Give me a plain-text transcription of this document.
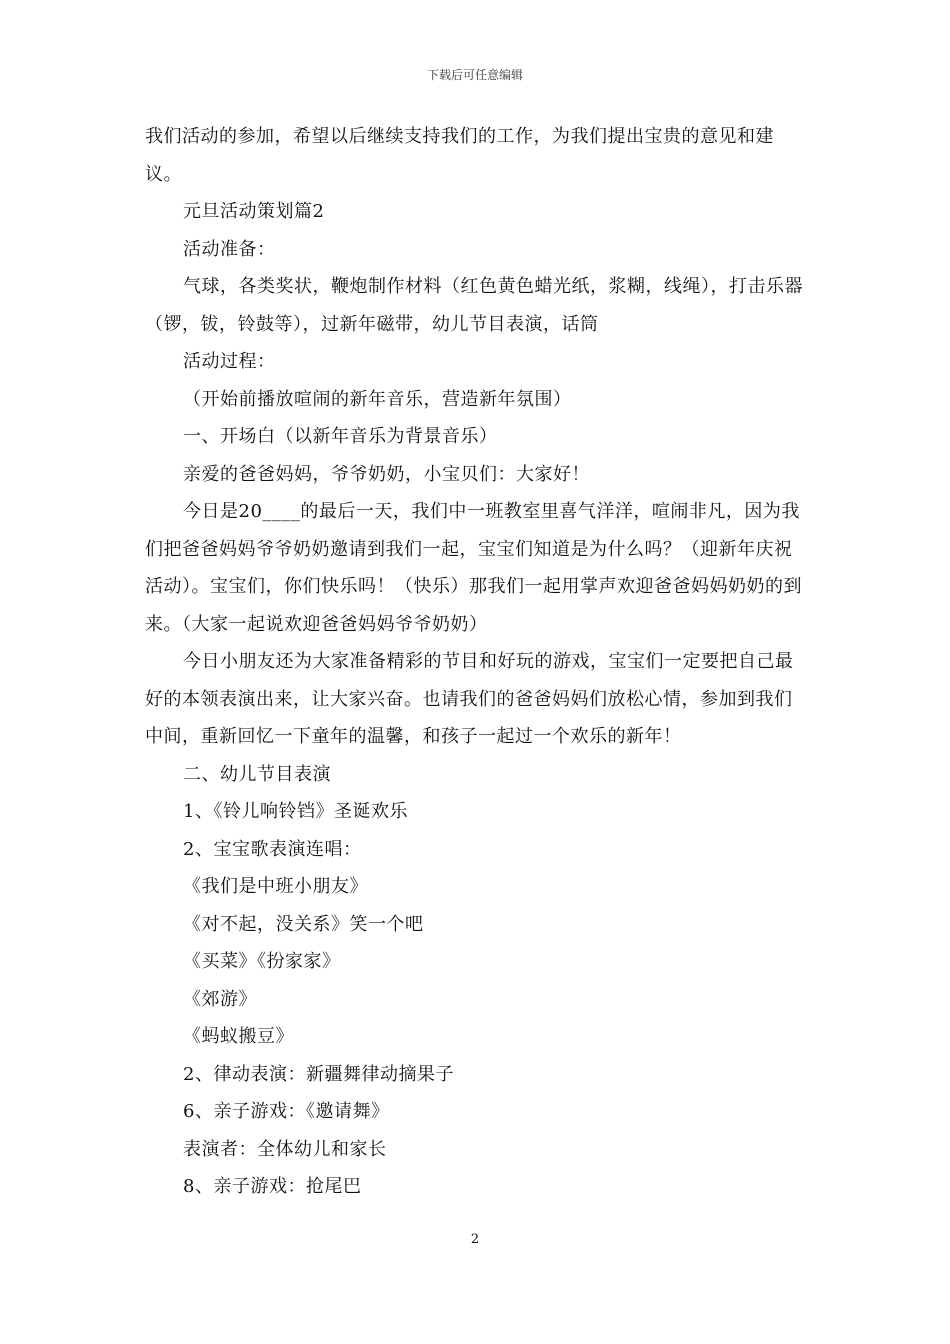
下载后可任意编辑

我们活动的参加，希望以后继续支持我们的工作，为我们提出宝贵的意见和建议。

元旦活动策划篇2

活动准备：

气球，各类奖状，鞭炮制作材料（红色黄色蜡光纸，浆糊，线绳），打击乐器（锣，钹，铃鼓等），过新年磁带，幼儿节目表演，话筒

活动过程：

（开始前播放喧闹的新年音乐，营造新年氛围）

一、开场白（以新年音乐为背景音乐）

亲爱的爸爸妈妈，爷爷奶奶，小宝贝们：大家好！

今日是20____的最后一天，我们中一班教室里喜气洋洋，喧闹非凡，因为我们把爸爸妈妈爷爷奶奶邀请到我们一起，宝宝们知道是为什么吗？（迎新年庆祝活动）。宝宝们，你们快乐吗！（快乐）那我们一起用掌声欢迎爸爸妈妈奶奶的到来。（大家一起说欢迎爸爸妈妈爷爷奶奶）

今日小朋友还为大家准备精彩的节目和好玩的游戏，宝宝们一定要把自己最好的本领表演出来，让大家兴奋。也请我们的爸爸妈妈们放松心情，参加到我们中间，重新回忆一下童年的温馨，和孩子一起过一个欢乐的新年！

二、幼儿节目表演

1、《铃儿响铃铛》圣诞欢乐

2、宝宝歌表演连唱：

《我们是中班小朋友》

《对不起，没关系》笑一个吧

《买菜》《扮家家》

《郊游》

《蚂蚁搬豆》

2、律动表演：新疆舞律动摘果子

6、亲子游戏：《邀请舞》

表演者：全体幼儿和家长

8、亲子游戏：抢尾巴

2
